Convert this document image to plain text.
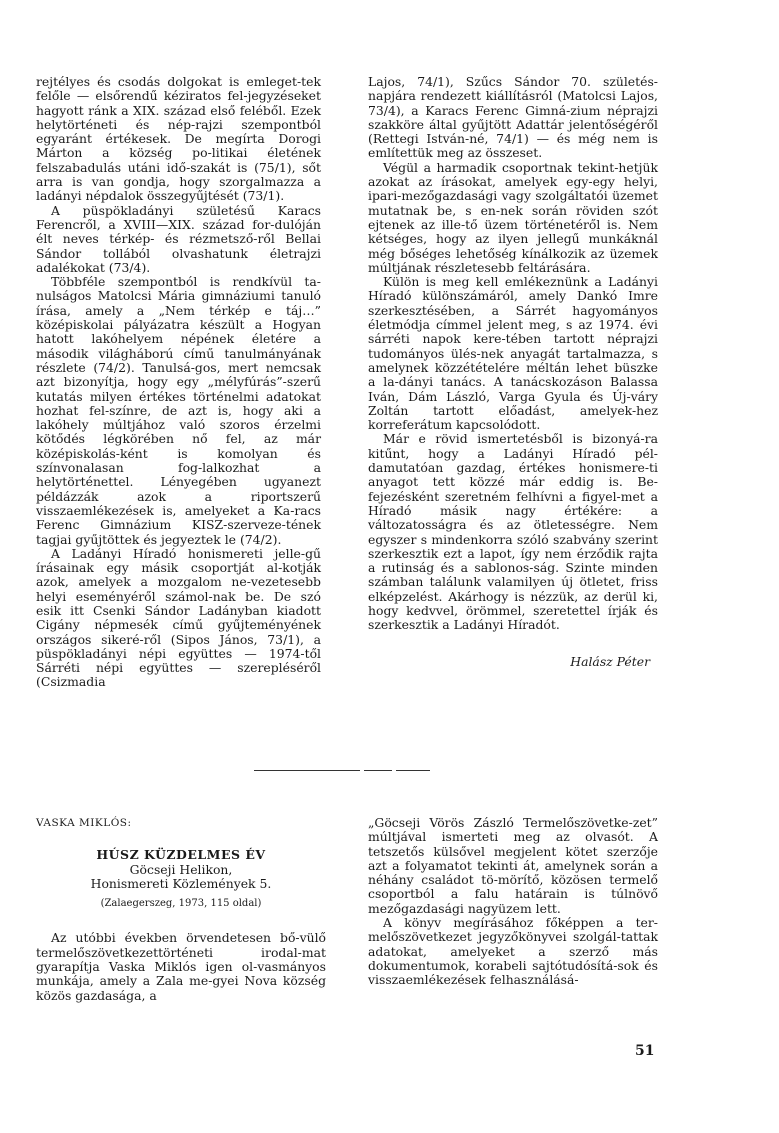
rejtélyes és csodás dolgokat is emleget-tek felőle — elsőrendű kéziratos fel-jegyzéseket hagyott ránk a XIX. század első feléből. Ezek helytörténeti és nép-rajzi szempontból egyaránt értékesek. De megírta Dorogi Márton a község po-litikai életének felszabadulás utáni idő-szakát is (75/1), sőt arra is van gondja, hogy szorgalmazza a ladányi népdalok összegyűjtését (73/1).

A püspökladányi születésű Karacs Ferencről, a XVIII—XIX. század for-dulóján élt neves térkép- és rézmetsző-ről Bellai Sándor tollából olvashatunk életrajzi adalékokat (73/4).

Többféle szempontból is rendkívül ta-nulságos Matolcsi Mária gimnáziumi tanuló írása, amely a „Nem térkép e táj…” középiskolai pályázatra készült a Hogyan hatott lakóhelyem népének életére a második világháború című tanulmányának részlete (74/2). Tanulsá-gos, mert nemcsak azt bizonyítja, hogy egy „mélyfúrás”-szerű kutatás milyen értékes történelmi adatokat hozhat fel-színre, de azt is, hogy aki a lakóhely múltjához való szoros érzelmi kötődés légkörében nő fel, az már középiskolás-ként is komolyan és színvonalasan fog-lalkozhat a helytörténettel. Lényegében ugyanezt példázzák azok a riportszerű visszaemlékezések is, amelyeket a Ka-racs Ferenc Gimnázium KISZ-szerveze-tének tagjai gyűjtöttek és jegyeztek le (74/2).

A Ladányi Híradó honismereti jelle-gű írásainak egy másik csoportját al-kotják azok, amelyek a mozgalom ne-vezetesebb helyi eseményéről számol-nak be. De szó esik itt Csenki Sándor Ladányban kiadott Cigány népmesék című gyűjteményének országos sikeré-ről (Sipos János, 73/1), a püspökladányi népi együttes — 1974-től Sárréti népi együttes — szerepléséről (Csizmadia

Lajos, 74/1), Szűcs Sándor 70. születés-napjára rendezett kiállításról (Matolcsi Lajos, 73/4), a Karacs Ferenc Gimná-zium néprajzi szakköre által gyűjtött Adattár jelentőségéről (Rettegi István-né, 74/1) — és még nem is említettük meg az összeset.

Végül a harmadik csoportnak tekint-hetjük azokat az írásokat, amelyek egy-egy helyi, ipari-mezőgazdasági vagy szolgáltatói üzemet mutatnak be, s en-nek során röviden szót ejtenek az ille-tő üzem történetéről is. Nem kétséges, hogy az ilyen jellegű munkáknál még bőséges lehetőség kínálkozik az üzemek múltjának részletesebb feltárására.

Külön is meg kell emlékeznünk a Ladányi Híradó különszámáról, amely Dankó Imre szerkesztésében, a Sárrét hagyományos életmódja címmel jelent meg, s az 1974. évi sárréti napok kere-tében tartott néprajzi tudományos ülés-nek anyagát tartalmazza, s amelynek közzétételére méltán lehet büszke a la-dányi tanács. A tanácskozáson Balassa Iván, Dám László, Varga Gyula és Új-váry Zoltán tartott előadást, amelyek-hez korreferátum kapcsolódott.

Már e rövid ismertetésből is bizonyá-ra kitűnt, hogy a Ladányi Híradó pél-damutatóan gazdag, értékes honismere-ti anyagot tett közzé már eddig is. Be-fejezésként szeretném felhívni a figyel-met a Híradó másik nagy értékére: a változatosságra és az ötletességre. Nem egyszer s mindenkorra szóló szabvány szerint szerkesztik ezt a lapot, így nem érződik rajta a rutinság és a sablonos-ság. Szinte minden számban találunk valamilyen új ötletet, friss elképzelést. Akárhogy is nézzük, az derül ki, hogy kedvvel, örömmel, szeretettel írják és szerkesztik a Ladányi Híradót.

Halász Péter
VASKA MIKLÓS:
HÚSZ KÜZDELMES ÉV
Göcseji Helikon,
Honismereti Közlemények 5.
(Zalaegerszeg, 1973, 115 oldal)

Az utóbbi években örvendetesen bő-vülő termelőszövetkezettörténeti irodal-mat gyarapítja Vaska Miklós igen ol-vasmányos munkája, amely a Zala me-gyei Nova község közös gazdasága, a

„Göcseji Vörös Zászló Termelőszövetke-zet” múltjával ismerteti meg az olvasót. A tetszetős külsővel megjelent kötet szerzője azt a folyamatot tekinti át, amelynek során a néhány családot tö-mörítő, közösen termelő csoportból a falu határain is túlnövő mezőgazdasági nagyüzem lett.

A könyv megírásához főképpen a ter-melőszövetkezet jegyzőkönyvei szolgál-tattak adatokat, amelyeket a szerző más dokumentumok, korabeli sajtótudósítá-sok és visszaemlékezések felhasználásá-

51
